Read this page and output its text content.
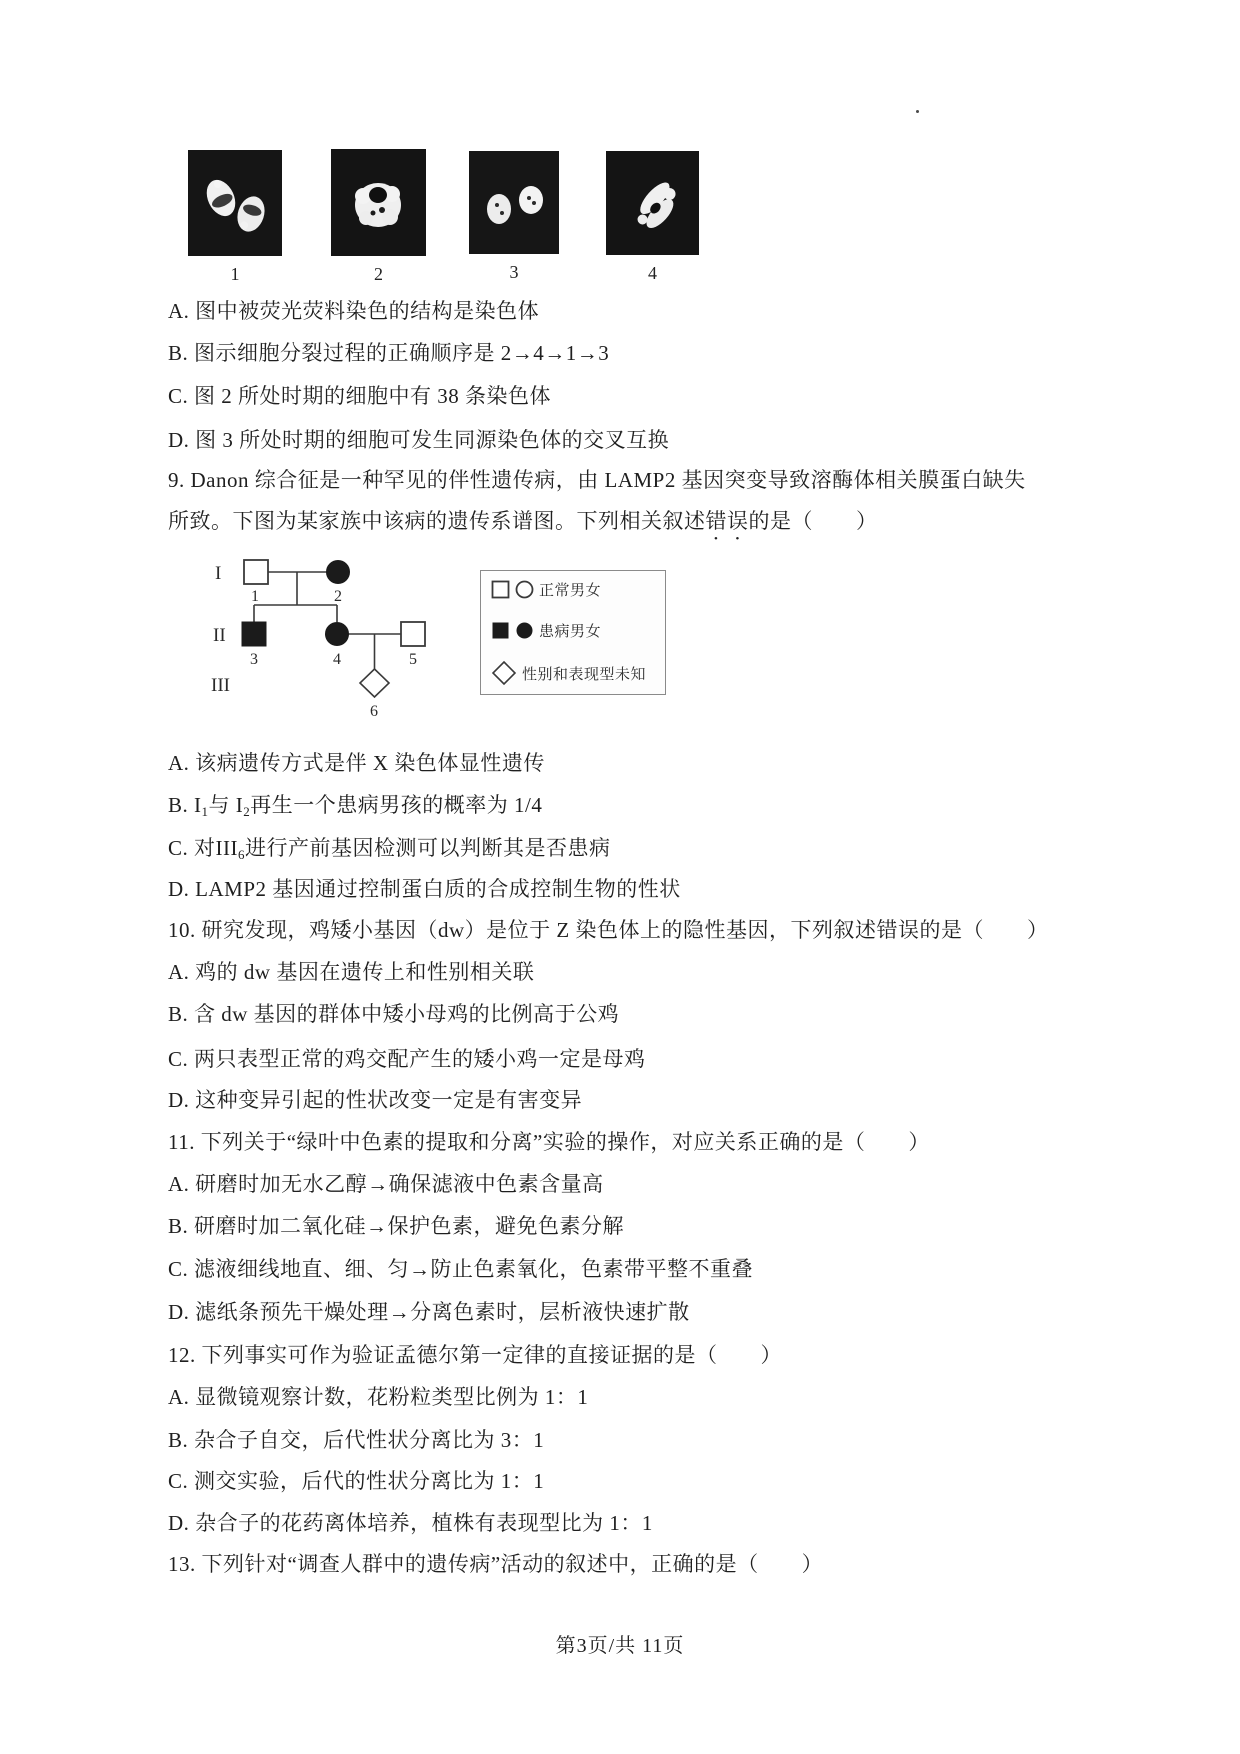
1	2	3	4
A. 图中被荧光荧料染色的结构是染色体
B. 图示细胞分裂过程的正确顺序是 2→4→1→3
C. 图 2 所处时期的细胞中有 38 条染色体
D. 图 3 所处时期的细胞可发生同源染色体的交叉互换
9. Danon 综合征是一种罕见的伴性遗传病，由 LAMP2 基因突变导致溶酶体相关膜蛋白缺失
所致。下图为某家族中该病的遗传系谱图。下列相关叙述错误的是（　　）
I
II
III
1	2
3	4	5
6
正常男女
患病男女
性别和表现型未知
A. 该病遗传方式是伴 X 染色体显性遗传
B. $I_1$与 $I_2$再生一个患病男孩的概率为 1/4
C. 对$III_6$进行产前基因检测可以判断其是否患病
D. LAMP2 基因通过控制蛋白质的合成控制生物的性状
10. 研究发现，鸡矮小基因（dw）是位于 Z 染色体上的隐性基因，下列叙述错误的是（　　）
A. 鸡的 dw 基因在遗传上和性别相关联
B. 含 dw 基因的群体中矮小母鸡的比例高于公鸡
C. 两只表型正常的鸡交配产生的矮小鸡一定是母鸡
D. 这种变异引起的性状改变一定是有害变异
11. 下列关于“绿叶中色素的提取和分离”实验的操作，对应关系正确的是（　　）
A. 研磨时加无水乙醇→确保滤液中色素含量高
B. 研磨时加二氧化硅→保护色素，避免色素分解
C. 滤液细线地直、细、匀→防止色素氧化，色素带平整不重叠
D. 滤纸条预先干燥处理→分离色素时，层析液快速扩散
12. 下列事实可作为验证孟德尔第一定律的直接证据的是（　　）
A. 显微镜观察计数，花粉粒类型比例为 1：1
B. 杂合子自交，后代性状分离比为 3：1
C. 测交实验，后代的性状分离比为 1：1
D. 杂合子的花药离体培养，植株有表现型比为 1：1
13. 下列针对“调查人群中的遗传病”活动的叙述中，正确的是（　　）
第3页/共 11页
